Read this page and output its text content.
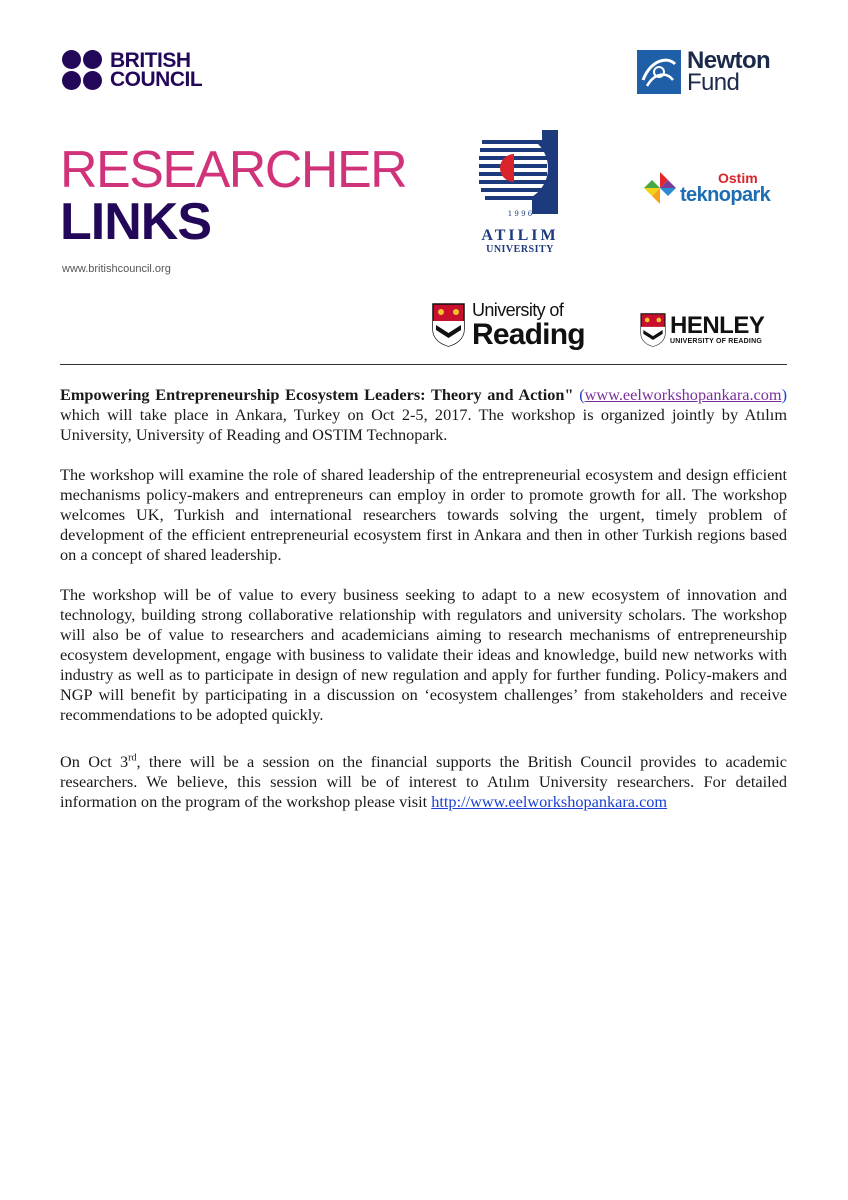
BRITISH
COUNCIL
Newton
Fund
RESEARCHER
LINKS
www.britishcouncil.org
1 9 9 6
ATILIM
UNIVERSITY
Ostim
teknopark
University of
Reading	HENLEY
UNIVERSITY OF READING

Empowering Entrepreneurship Ecosystem Leaders: Theory and Action" (www.eelworkshopankara.com) which will take place in Ankara, Turkey on Oct 2-5, 2017. The workshop is organized jointly by Atılım University, University of Reading and OSTIM Technopark.

The workshop will examine the role of shared leadership of the entrepreneurial ecosystem and design efficient mechanisms policy-makers and entrepreneurs can employ in order to promote growth for all. The workshop welcomes UK, Turkish and international researchers towards solving the urgent, timely problem of development of the efficient entrepreneurial ecosystem first in Ankara and then in other Turkish regions based on a concept of shared leadership.

The workshop will be of value to every business seeking to adapt to a new ecosystem of innovation and technology, building strong collaborative relationship with regulators and university scholars. The workshop will also be of value to researchers and academicians aiming to research mechanisms of entrepreneurship ecosystem development, engage with business to validate their ideas and knowledge, build new networks with industry as well as to participate in design of new regulation and apply for further funding. Policy-makers and NGP will benefit by participating in a discussion on ‘ecosystem challenges’ from stakeholders and receive recommendations to be adopted quickly.

On Oct 3rd, there will be a session on the financial supports the British Council provides to academic researchers. We believe, this session will be of interest to Atılım University researchers. For detailed information on the program of the workshop please visit http://www.eelworkshopankara.com
